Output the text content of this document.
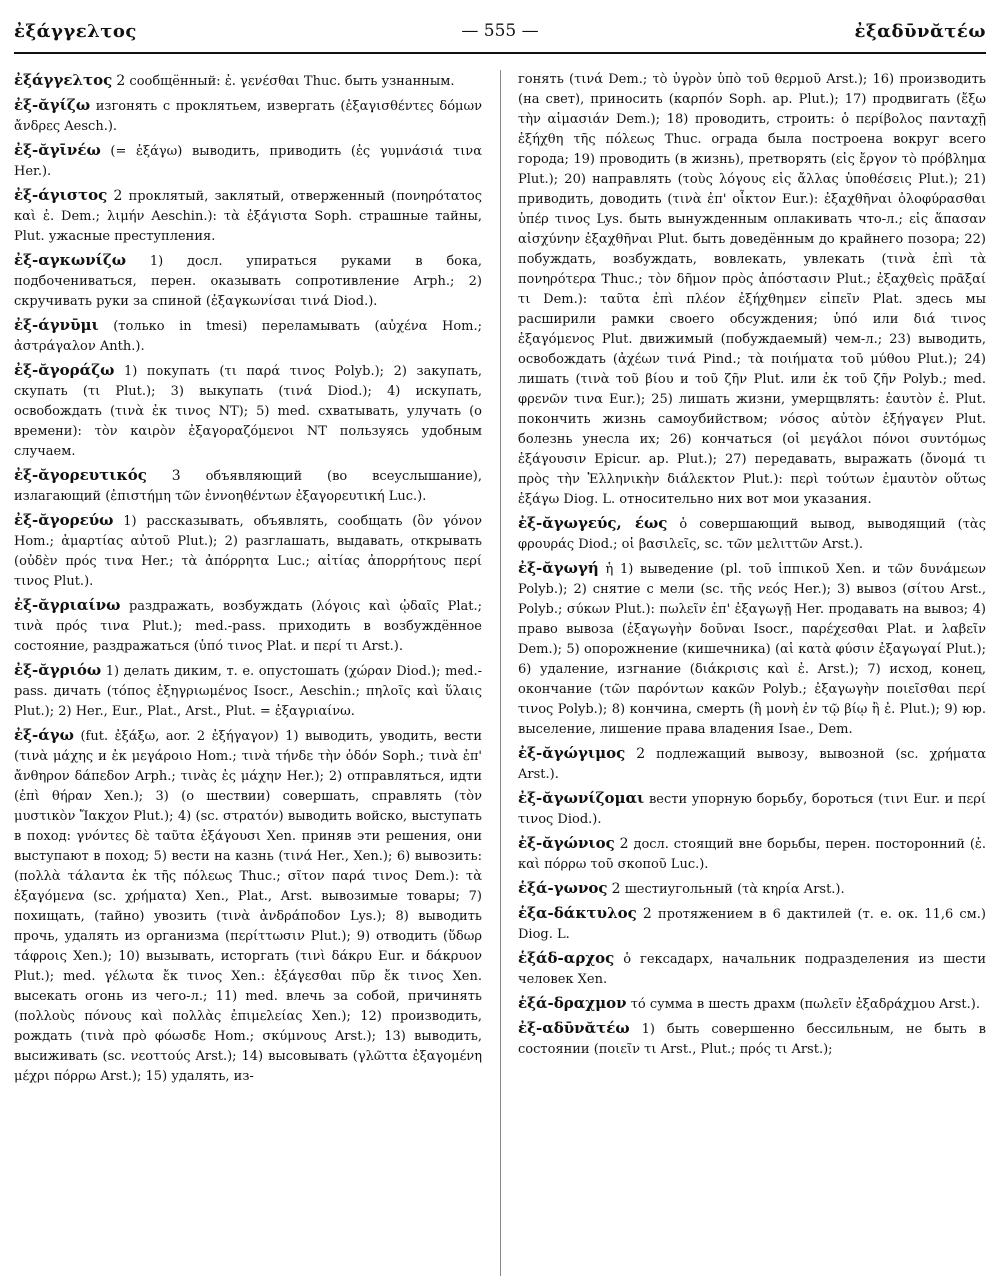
ἐξάγγελτος	— 555 —	ἐξαδῡνᾰτέω

ἐξάγγελτος 2 сообщённый: ἐ. γενέσθαι Thuc. быть узнанным.

ἐξ-ᾰγίζω изгонять с проклятьем, извергать (ἐξαγισθέντες δόμων ἄνδρες Aesch.).

ἐξ-ᾰγῑνέω (= ἐξάγω) выводить, приводить (ἐς γυμνάσιά τινα Her.).

ἐξ-άγιστος 2 проклятый, заклятый, отверженный (πονηρότατος καὶ ἐ. Dem.; λιμήν Aeschin.): τὰ ἐξάγιστα Soph. страшные тайны, Plut. ужасные преступления.

ἐξ-αγκωνίζω 1) досл. упираться руками в бока, подбочениваться, перен. оказывать сопротивление Arph.; 2) скручивать руки за спиной (ἐξαγκωνίσαι τινά Diod.).

ἐξ-άγνῡμι (только in tmesi) переламывать (αὐχένα Hom.; ἀστράγαλον Anth.).

ἐξ-ᾰγοράζω 1) покупать (τι παρά τινος Polyb.); 2) закупать, скупать (τι Plut.); 3) выкупать (τινά Diod.); 4) искупать, освобождать (τινὰ ἐκ τινος NT); 5) med. схватывать, улучать (о времени): τὸν καιρὸν ἐξαγοραζόμενοι NT пользуясь удобным случаем.

ἐξ-ᾰγορευτικός 3 объявляющий (во всеуслышание), излагающий (ἐπιστήμη τῶν ἐννοηθέντων ἐξαγορευτική Luc.).

ἐξ-ᾰγορεύω 1) рассказывать, объявлять, сообщать (ὃν γόνον Hom.; ἁμαρτίας αὐτοῦ Plut.); 2) разглашать, выдавать, открывать (οὐδὲν πρός τινα Her.; τὰ ἀπόρρητα Luc.; αἰτίας ἀπορρήτους περί τινος Plut.).

ἐξ-ᾰγριαίνω раздражать, возбуждать (λόγοις καὶ ᾠδαῖς Plat.; τινὰ πρός τινα Plut.); med.-pass. приходить в возбуждённое состояние, раздражаться (ὑπό τινος Plat. и περί τι Arst.).

ἐξ-ᾰγριόω 1) делать диким, т. е. опустошать (χώραν Diod.); med.-pass. дичать (τόπος ἐξηγριωμένος Isocr., Aeschin.; πηλοῖς καὶ ὕλαις Plut.); 2) Her., Eur., Plat., Arst., Plut. = ἐξαγριαίνω.

ἐξ-άγω (fut. ἐξάξω, aor. 2 ἐξήγαγον) 1) выводить, уводить, вести (τινὰ μάχης и ἐκ μεγάροιο Hom.; τινὰ τήνδε τὴν ὁδόν Soph.; τινὰ ἐπ' ἄνθηρον δάπεδον Arph.; τινὰς ἐς μάχην Her.); 2) отправляться, идти (ἐπὶ θήραν Xen.); 3) (о шествии) совершать, справлять (τὸν μυστικὸν Ἴακχον Plut.); 4) (sc. στρατόν) выводить войско, выступать в поход: γνόντες δὲ ταῦτα ἐξάγουσι Xen. приняв эти решения, они выступают в поход; 5) вести на казнь (τινά Her., Xen.); 6) вывозить: (πολλὰ τάλαντα ἐκ τῆς πόλεως Thuc.; σῖτον παρά τινος Dem.): τὰ ἐξαγόμενα (sc. χρήματα) Xen., Plat., Arst. вывозимые товары; 7) похищать, (тайно) увозить (τινὰ ἀνδράποδον Lys.); 8) выводить прочь, удалять из организма (περίττωσιν Plut.); 9) отводить (ὕδωρ τάφροις Xen.); 10) вызывать, исторгать (τινὶ δάκρυ Eur. и δάκρυον Plut.); med. γέλωτα ἔκ τινος Xen.: ἐξάγεσθαι πῦρ ἔκ τινος Xen. высекать огонь из чего-л.; 11) med. влечь за собой, причинять (πολλοὺς πόνους καὶ πολλὰς ἐπιμελείας Xen.); 12) производить, рождать (τινὰ πρὸ φόωσδε Hom.; σκύμνους Arst.); 13) выводить, высиживать (sc. νεοττούς Arst.); 14) высовывать (γλῶττα ἐξαγομένη μέχρι πόρρω Arst.); 15) удалять, из-

гонять (τινά Dem.; τὸ ὑγρὸν ὑπὸ τοῦ θερμοῦ Arst.); 16) производить (на свет), приносить (καρπόν Soph. ap. Plut.); 17) продвигать (ἔξω τὴν αἱμασιάν Dem.); 18) проводить, строить: ὁ περίβολος πανταχῇ ἐξήχθη τῆς πόλεως Thuc. ограда была построена вокруг всего города; 19) проводить (в жизнь), претворять (εἰς ἔργον τὸ πρόβλημα Plut.); 20) направлять (τοὺς λόγους εἰς ἄλλας ὑποθέσεις Plut.); 21) приводить, доводить (τινὰ ἐπ' οἶκτον Eur.): ἐξαχθῆναι ὀλοφύρασθαι ὑπέρ τινος Lys. быть вынужденным оплакивать что-л.; εἰς ἅπασαν αἰσχύνην ἐξαχθῆναι Plut. быть доведённым до крайнего позора; 22) побуждать, возбуждать, вовлекать, увлекать (τινὰ ἐπὶ τὰ πονηρότερα Thuc.; τὸν δῆμον πρὸς ἀπόστασιν Plut.; ἐξαχθεὶς πρᾶξαί τι Dem.): ταῦτα ἐπὶ πλέον ἐξήχθημεν εἰπεῖν Plat. здесь мы расширили рамки своего обсуждения; ὑπό или διά τινος ἐξαγόμενος Plut. движимый (побуждаемый) чем-л.; 23) выводить, освобождать (ἀχέων τινά Pind.; τὰ ποιήματα τοῦ μύθου Plut.); 24) лишать (τινὰ τοῦ βίου и τοῦ ζῆν Plut. или ἐκ τοῦ ζῆν Polyb.; med. φρενῶν τινα Eur.); 25) лишать жизни, умерщвлять: ἑαυτὸν ἐ. Plut. покончить жизнь самоубийством; νόσος αὐτὸν ἐξήγαγεν Plut. болезнь унесла их; 26) кончаться (οἱ μεγάλοι πόνοι συντόμως ἐξάγουσιν Epicur. ap. Plut.); 27) передавать, выражать (ὄνομά τι πρὸς τὴν Ἑλληνικὴν διάλεκτον Plut.): περὶ τούτων ἐμαυτὸν οὕτως ἐξάγω Diog. L. относительно них вот мои указания.

ἐξ-ᾰγωγεύς, έως ὁ совершающий вывод, выводящий (τὰς φρουράς Diod.; οἱ βασιλεῖς, sc. τῶν μελιττῶν Arst.).

ἐξ-ᾰγωγή ἡ 1) выведение (pl. τοῦ ἱππικοῦ Xen. и τῶν δυνάμεων Polyb.); 2) снятие с мели (sc. τῆς νεός Her.); 3) вывоз (σίτου Arst., Polyb.; σύκων Plut.): πωλεῖν ἐπ' ἐξαγωγῇ Her. продавать на вывоз; 4) право вывоза (ἐξαγωγὴν δοῦναι Isocr., παρέχεσθαι Plat. и λαβεῖν Dem.); 5) опорожнение (кишечника) (αἱ κατὰ φύσιν ἐξαγωγαί Plut.); 6) удаление, изгнание (διάκρισις καὶ ἐ. Arst.); 7) исход, конец, окончание (τῶν παρόντων κακῶν Polyb.; ἐξαγωγὴν ποιεῖσθαι περί τινος Polyb.); 8) кончина, смерть (ἢ μονὴ ἐν τῷ βίῳ ἢ ἐ. Plut.); 9) юр. выселение, лишение права владения Isae., Dem.

ἐξ-ᾰγώγιμος 2 подлежащий вывозу, вывозной (sc. χρήματα Arst.).

ἐξ-ᾰγωνίζομαι вести упорную борьбу, бороться (τινι Eur. и περί τινος Diod.).

ἐξ-ᾰγώνιος 2 досл. стоящий вне борьбы, перен. посторонний (ἐ. καὶ πόρρω τοῦ σκοποῦ Luc.).

ἑξά-γωνος 2 шестиугольный (τὰ κηρία Arst.).

ἑξα-δάκτυλος 2 протяжением в 6 дактилей (т. е. ок. 11,6 см.) Diog. L.

ἑξάδ-αρχος ὁ гексадарх, начальник подразделения из шести человек Xen.

ἑξά-δραχμον τό сумма в шесть драхм (πωλεῖν ἐξαδράχμου Arst.).

ἐξ-αδῡνᾰτέω 1) быть совершенно бессильным, не быть в состоянии (ποιεῖν τι Arst., Plut.; πρός τι Arst.);
